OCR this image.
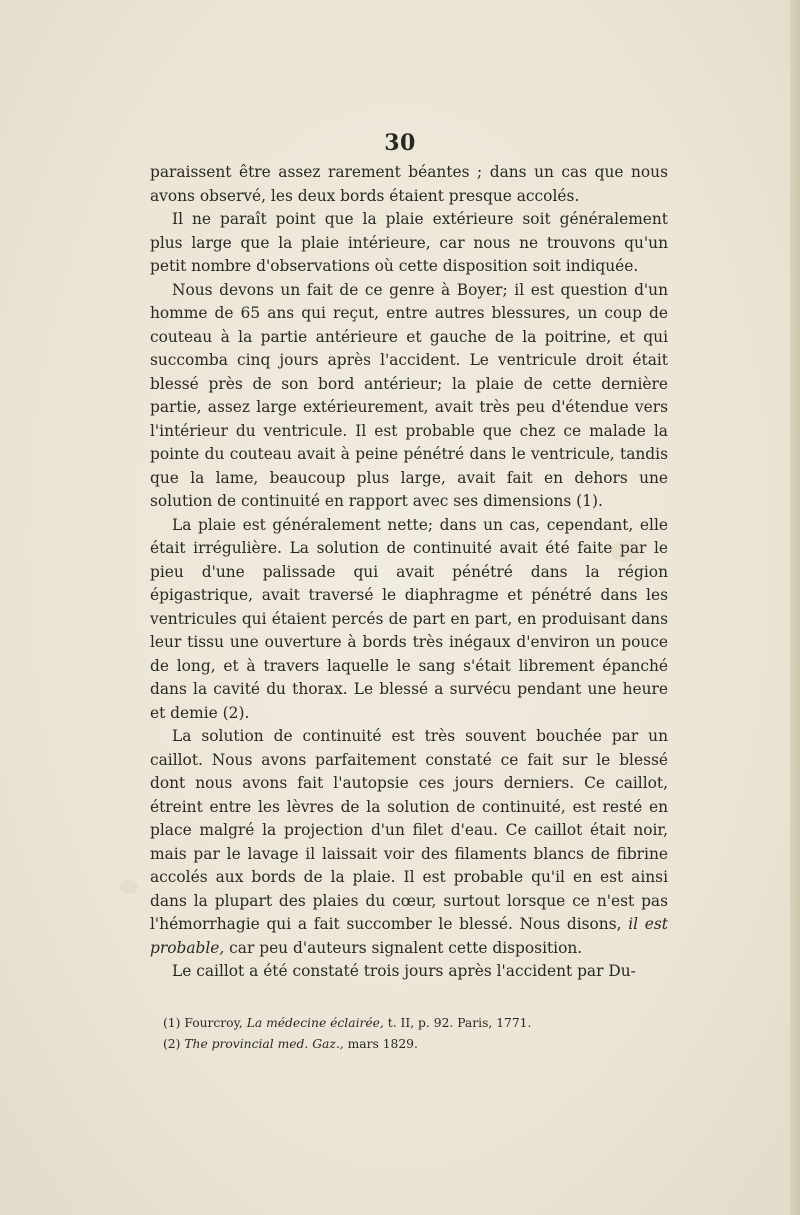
30

paraissent être assez rarement béantes ; dans un cas que nous avons observé, les deux bords étaient presque accolés.

Il ne paraît point que la plaie extérieure soit généralement plus large que la plaie intérieure, car nous ne trouvons qu'un petit nombre d'observations où cette disposition soit indiquée.

Nous devons un fait de ce genre à Boyer; il est question d'un homme de 65 ans qui reçut, entre autres blessures, un coup de couteau à la partie antérieure et gauche de la poitrine, et qui succomba cinq jours après l'accident. Le ventricule droit était blessé près de son bord antérieur; la plaie de cette dernière partie, assez large extérieurement, avait très peu d'étendue vers l'intérieur du ventricule. Il est probable que chez ce malade la pointe du couteau avait à peine pénétré dans le ventricule, tandis que la lame, beaucoup plus large, avait fait en dehors une solution de continuité en rapport avec ses dimensions (1).

La plaie est généralement nette; dans un cas, cependant, elle était irrégulière. La solution de continuité avait été faite par le pieu d'une palissade qui avait pénétré dans la région épigastrique, avait traversé le diaphragme et pénétré dans les ventricules qui étaient percés de part en part, en produisant dans leur tissu une ouverture à bords très inégaux d'environ un pouce de long, et à travers laquelle le sang s'était librement épanché dans la cavité du thorax. Le blessé a survécu pendant une heure et demie (2).

La solution de continuité est très souvent bouchée par un caillot. Nous avons parfaitement constaté ce fait sur le blessé dont nous avons fait l'autopsie ces jours derniers. Ce caillot, étreint entre les lèvres de la solution de continuité, est resté en place malgré la projection d'un filet d'eau. Ce caillot était noir, mais par le lavage il laissait voir des filaments blancs de fibrine accolés aux bords de la plaie. Il est probable qu'il en est ainsi dans la plupart des plaies du cœur, surtout lorsque ce n'est pas l'hémorrhagie qui a fait succomber le blessé. Nous disons, il est probable, car peu d'auteurs signalent cette disposition.

Le caillot a été constaté trois jours après l'accident par Du-

(1) Fourcroy, La médecine éclairée, t. II, p. 92. Paris, 1771.
(2) The provincial med. Gaz., mars 1829.
